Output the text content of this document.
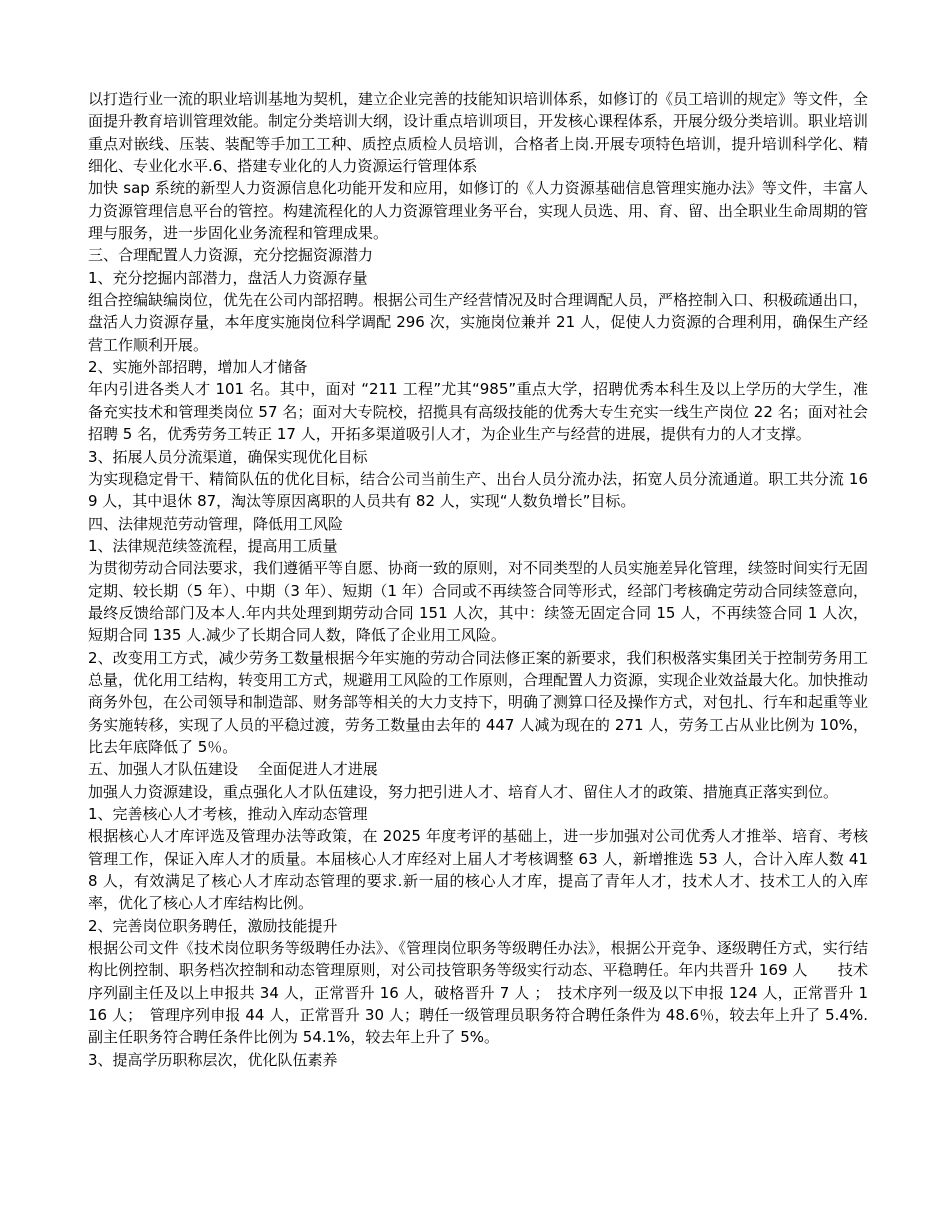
以打造行业一流的职业培训基地为契机，建立企业完善的技能知识培训体系，如修订的《员工培训的规定》等文件，全面提升教育培训管理效能。制定分类培训大纲，设计重点培训项目，开发核心课程体系，开展分级分类培训。职业培训重点对嵌线、压装、装配等手加工工种、质控点质检人员培训，合格者上岗.开展专项特色培训，提升培训科学化、精细化、专业化水平.6、搭建专业化的人力资源运行管理体系

加快 sap 系统的新型人力资源信息化功能开发和应用，如修订的《人力资源基础信息管理实施办法》等文件，丰富人力资源管理信息平台的管控。构建流程化的人力资源管理业务平台，实现人员选、用、育、留、出全职业生命周期的管理与服务，进一步固化业务流程和管理成果。

三、合理配置人力资源，充分挖掘资源潜力

1、充分挖掘内部潜力，盘活人力资源存量

组合控编缺编岗位，优先在公司内部招聘。根据公司生产经营情况及时合理调配人员，严格控制入口、积极疏通出口，盘活人力资源存量，本年度实施岗位科学调配 296 次，实施岗位兼并 21 人，促使人力资源的合理利用，确保生产经营工作顺利开展。

2、实施外部招聘，增加人才储备

年内引进各类人才 101 名。其中，面对 “211 工程”尤其“985”重点大学，招聘优秀本科生及以上学历的大学生，准备充实技术和管理类岗位 57 名；面对大专院校，招揽具有高级技能的优秀大专生充实一线生产岗位 22 名；面对社会招聘 5 名，优秀劳务工转正 17 人，开拓多渠道吸引人才，为企业生产与经营的进展，提供有力的人才支撑。

3、拓展人员分流渠道，确保实现优化目标

为实现稳定骨干、精简队伍的优化目标，结合公司当前生产、出台人员分流办法，拓宽人员分流通道。职工共分流 169 人，其中退休 87，淘汰等原因离职的人员共有 82 人，实现“人数负增长”目标。

四、法律规范劳动管理，降低用工风险

1、法律规范续签流程，提高用工质量

为贯彻劳动合同法要求，我们遵循平等自愿、协商一致的原则，对不同类型的人员实施差异化管理，续签时间实行无固定期、较长期（5 年）、中期（3 年）、短期（1 年）合同或不再续签合同等形式，经部门考核确定劳动合同续签意向，最终反馈给部门及本人.年内共处理到期劳动合同 151 人次，其中：续签无固定合同 15 人，不再续签合同 1 人次，短期合同 135 人.减少了长期合同人数，降低了企业用工风险。

2、改变用工方式，减少劳务工数量根据今年实施的劳动合同法修正案的新要求，我们积极落实集团关于控制劳务用工总量，优化用工结构，转变用工方式，规避用工风险的工作原则，合理配置人力资源，实现企业效益最大化。加快推动商务外包，在公司领导和制造部、财务部等相关的大力支持下，明确了测算口径及操作方式，对包扎、行车和起重等业务实施转移，实现了人员的平稳过渡，劳务工数量由去年的 447 人减为现在的 271 人，劳务工占从业比例为 10%，比去年底降低了 5％。

五、加强人才队伍建设　 全面促进人才进展

加强人力资源建设，重点强化人才队伍建设，努力把引进人才、培育人才、留住人才的政策、措施真正落实到位。

1、完善核心人才考核，推动入库动态管理

根据核心人才库评选及管理办法等政策，在 2025 年度考评的基础上，进一步加强对公司优秀人才推举、培育、考核管理工作，保证入库人才的质量。本届核心人才库经对上届人才考核调整 63 人，新增推选 53 人，合计入库人数 418 人，有效满足了核心人才库动态管理的要求.新一届的核心人才库，提高了青年人才，技术人才、技术工人的入库率，优化了核心人才库结构比例。

2、完善岗位职务聘任，激励技能提升

根据公司文件《技术岗位职务等级聘任办法》、《管理岗位职务等级聘任办法》，根据公开竞争、逐级聘任方式，实行结构比例控制、职务档次控制和动态管理原则，对公司技管职务等级实行动态、平稳聘任。年内共晋升 169 人　　技术序列副主任及以上申报共 34 人，正常晋升 16 人，破格晋升 7 人 ；　技术序列一级及以下申报 124 人，正常晋升 116 人；　管理序列申报 44 人，正常晋升 30 人；聘任一级管理员职务符合聘任条件为 48.6％，较去年上升了 5.4%.副主任职务符合聘任条件比例为 54.1%，较去年上升了 5%。

3、提高学历职称层次，优化队伍素养
